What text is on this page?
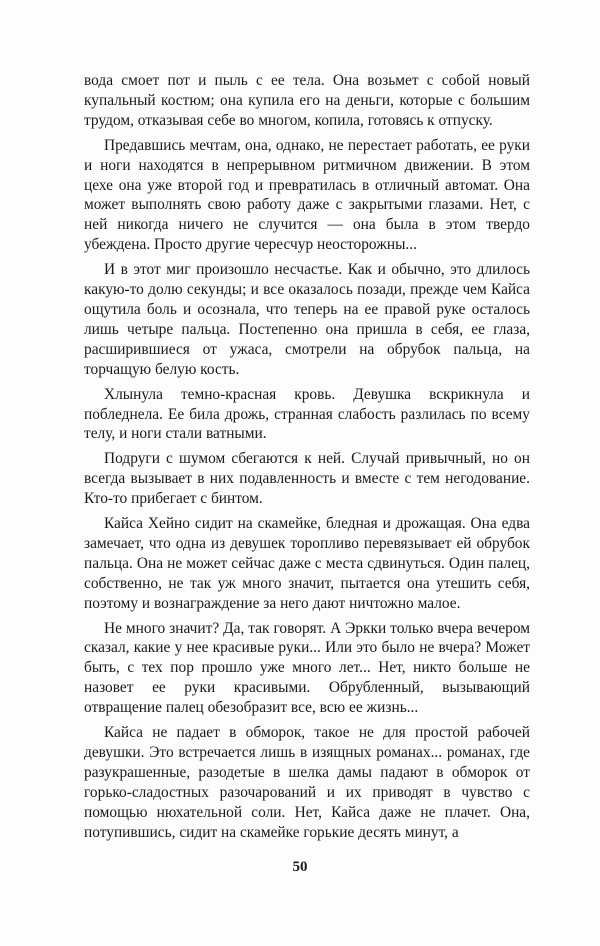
вода смоет пот и пыль с ее тела. Она возьмет с собой новый купальный костюм; она купила его на деньги, которые с большим трудом, отказывая себе во многом, копила, готовясь к отпуску.

Предавшись мечтам, она, однако, не перестает работать, ее руки и ноги находятся в непрерывном ритмичном движении. В этом цехе она уже второй год и превратилась в отличный автомат. Она может выполнять свою работу даже с закрытыми глазами. Нет, с ней никогда ничего не случится — она была в этом твердо убеждена. Просто другие чересчур неосторожны...

И в этот миг произошло несчастье. Как и обычно, это длилось какую-то долю секунды; и все оказалось позади, прежде чем Кайса ощутила боль и осознала, что теперь на ее правой руке осталось лишь четыре пальца. Постепенно она пришла в себя, ее глаза, расширившиеся от ужаса, смотрели на обрубок пальца, на торчащую белую кость.

Хлынула темно-красная кровь. Девушка вскрикнула и побледнела. Ее била дрожь, странная слабость разлилась по всему телу, и ноги стали ватными.

Подруги с шумом сбегаются к ней. Случай привычный, но он всегда вызывает в них подавленность и вместе с тем негодование. Кто-то прибегает с бинтом.

Кайса Хейно сидит на скамейке, бледная и дрожащая. Она едва замечает, что одна из девушек торопливо перевязывает ей обрубок пальца. Она не может сейчас даже с места сдвинуться. Один палец, собственно, не так уж много значит, пытается она утешить себя, поэтому и вознаграждение за него дают ничтожно малое.

Не много значит? Да, так говорят. А Эркки только вчера вечером сказал, какие у нее красивые руки... Или это было не вчера? Может быть, с тех пор прошло уже много лет... Нет, никто больше не назовет ее руки красивыми. Обрубленный, вызывающий отвращение палец обезобразит все, всю ее жизнь...

Кайса не падает в обморок, такое не для простой рабочей девушки. Это встречается лишь в изящных романах... романах, где разукрашенные, разодетые в шелка дамы падают в обморок от горько-сладостных разочарований и их приводят в чувство с помощью нюхательной соли. Нет, Кайса даже не плачет. Она, потупившись, сидит на скамейке горькие десять минут, а

50
